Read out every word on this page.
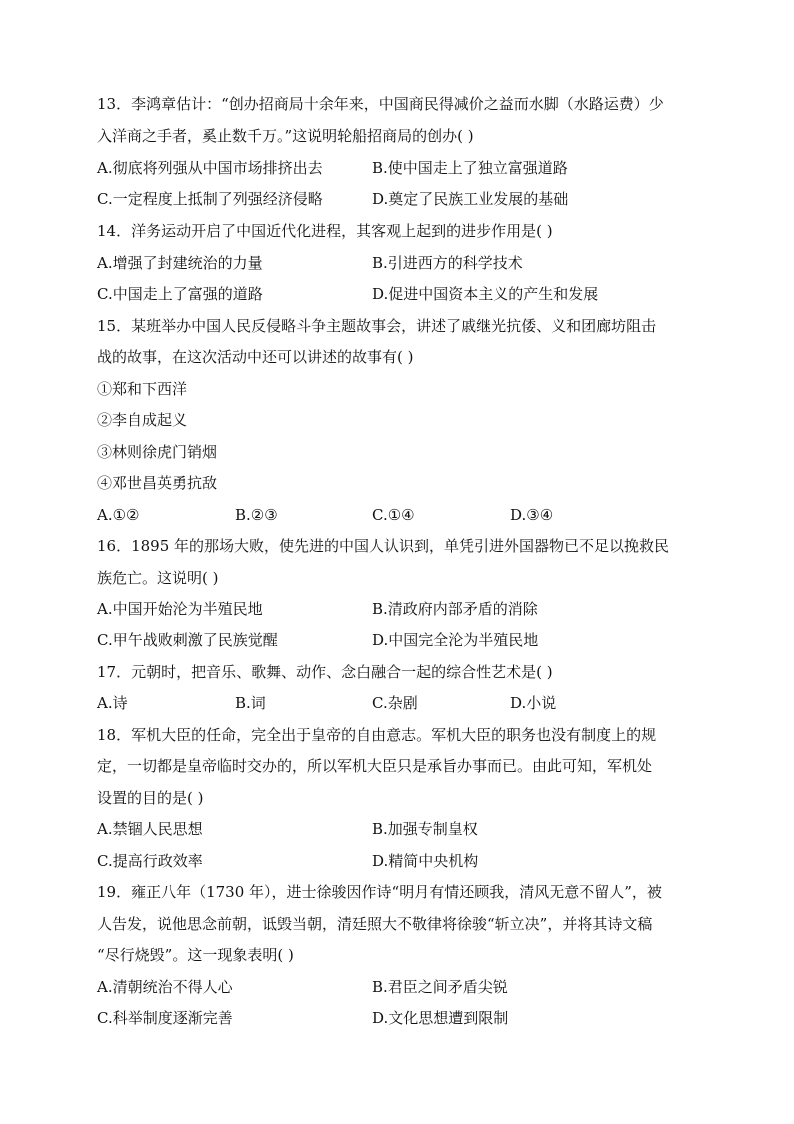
13．李鸿章估计：“创办招商局十余年来，中国商民得减价之益而水脚（水路运费）少
入洋商之手者，奚止数千万。”这说明轮船招商局的创办( )
A.彻底将列强从中国市场排挤出去	B.使中国走上了独立富强道路
C.一定程度上抵制了列强经济侵略	D.奠定了民族工业发展的基础
14．洋务运动开启了中国近代化进程，其客观上起到的进步作用是( )
A.增强了封建统治的力量	B.引进西方的科学技术
C.中国走上了富强的道路	D.促进中国资本主义的产生和发展
15．某班举办中国人民反侵略斗争主题故事会，讲述了戚继光抗倭、义和团廊坊阻击
战的故事，在这次活动中还可以讲述的故事有( )
①郑和下西洋
②李自成起义
③林则徐虎门销烟
④邓世昌英勇抗敌
A.①②	B.②③	C.①④	D.③④
16．1895 年的那场大败，使先进的中国人认识到，单凭引进外国器物已不足以挽救民
族危亡。这说明( )
A.中国开始沦为半殖民地	B.清政府内部矛盾的消除
C.甲午战败刺激了民族觉醒	D.中国完全沦为半殖民地
17．元朝时，把音乐、歌舞、动作、念白融合一起的综合性艺术是( )
A.诗	B.词	C.杂剧	D.小说
18．军机大臣的任命，完全出于皇帝的自由意志。军机大臣的职务也没有制度上的规
定，一切都是皇帝临时交办的，所以军机大臣只是承旨办事而已。由此可知，军机处
设置的目的是( )
A.禁锢人民思想	B.加强专制皇权
C.提高行政效率	D.精简中央机构
19．雍正八年（1730 年），进士徐骏因作诗“明月有情还顾我，清风无意不留人”，被
人告发，说他思念前朝，诋毁当朝，清廷照大不敬律将徐骏“斩立决”，并将其诗文稿
“尽行烧毁”。这一现象表明( )
A.清朝统治不得人心	B.君臣之间矛盾尖锐
C.科举制度逐渐完善	D.文化思想遭到限制
